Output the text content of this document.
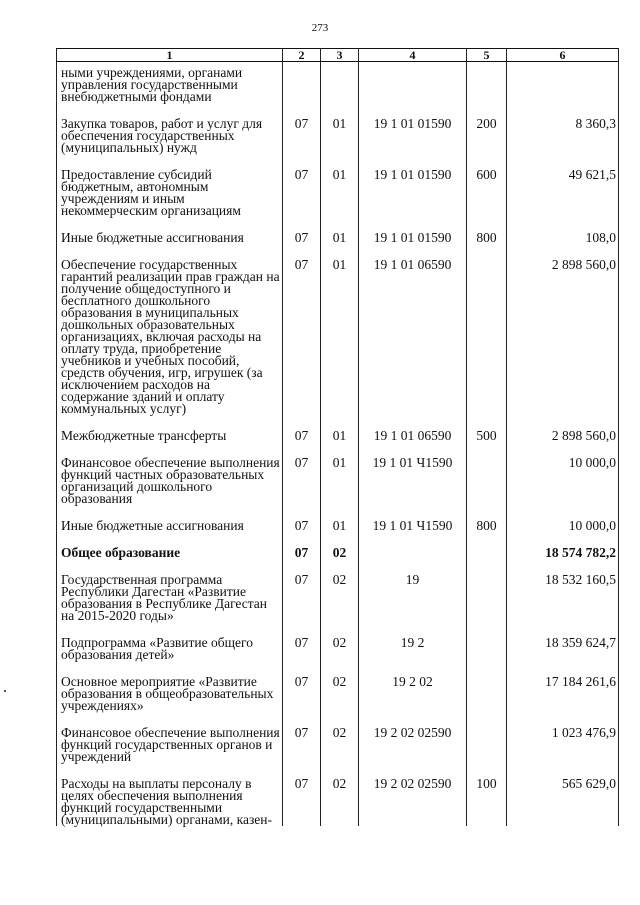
273
1	2	3	4	5	6
ными учреждениями, органами управления государственными внебюджетными фондами					
Закупка товаров, работ и услуг для обеспечения государственных (муниципальных) нужд	07	01	19 1 01 01590	200	8 360,3
Предоставление субсидий бюджетным, автономным учреждениям и иным некоммерческим организациям	07	01	19 1 01 01590	600	49 621,5
Иные бюджетные ассигнования	07	01	19 1 01 01590	800	108,0
Обеспечение государственных гарантий реализации прав граждан на получение общедоступного и бесплатного дошкольного образования в муниципальных дошкольных образовательных организациях, включая расходы на оплату труда, приобретение учебников и учебных пособий, средств обучения, игр, игрушек (за исключением расходов на содержание зданий и оплату коммунальных услуг)	07	01	19 1 01 06590		2 898 560,0
Межбюджетные трансферты	07	01	19 1 01 06590	500	2 898 560,0
Финансовое обеспечение выполнения функций частных образовательных организаций дошкольного образования	07	01	19 1 01 Ч1590		10 000,0
Иные бюджетные ассигнования	07	01	19 1 01 Ч1590	800	10 000,0
Общее образование	07	02			18 574 782,2
Государственная программа Республики Дагестан «Развитие образования в Республике Дагестан на 2015-2020 годы»	07	02	19		18 532 160,5
Подпрограмма «Развитие общего образования детей»	07	02	19 2		18 359 624,7
Основное мероприятие «Развитие образования в общеобразовательных учреждениях»	07	02	19 2 02		17 184 261,6
Финансовое обеспечение выполнения функций государственных органов и учреждений	07	02	19 2 02 02590		1 023 476,9
Расходы на выплаты персоналу в целях обеспечения выполнения функций государственными (муниципальными) органами, казен-	07	02	19 2 02 02590	100	565 629,0
